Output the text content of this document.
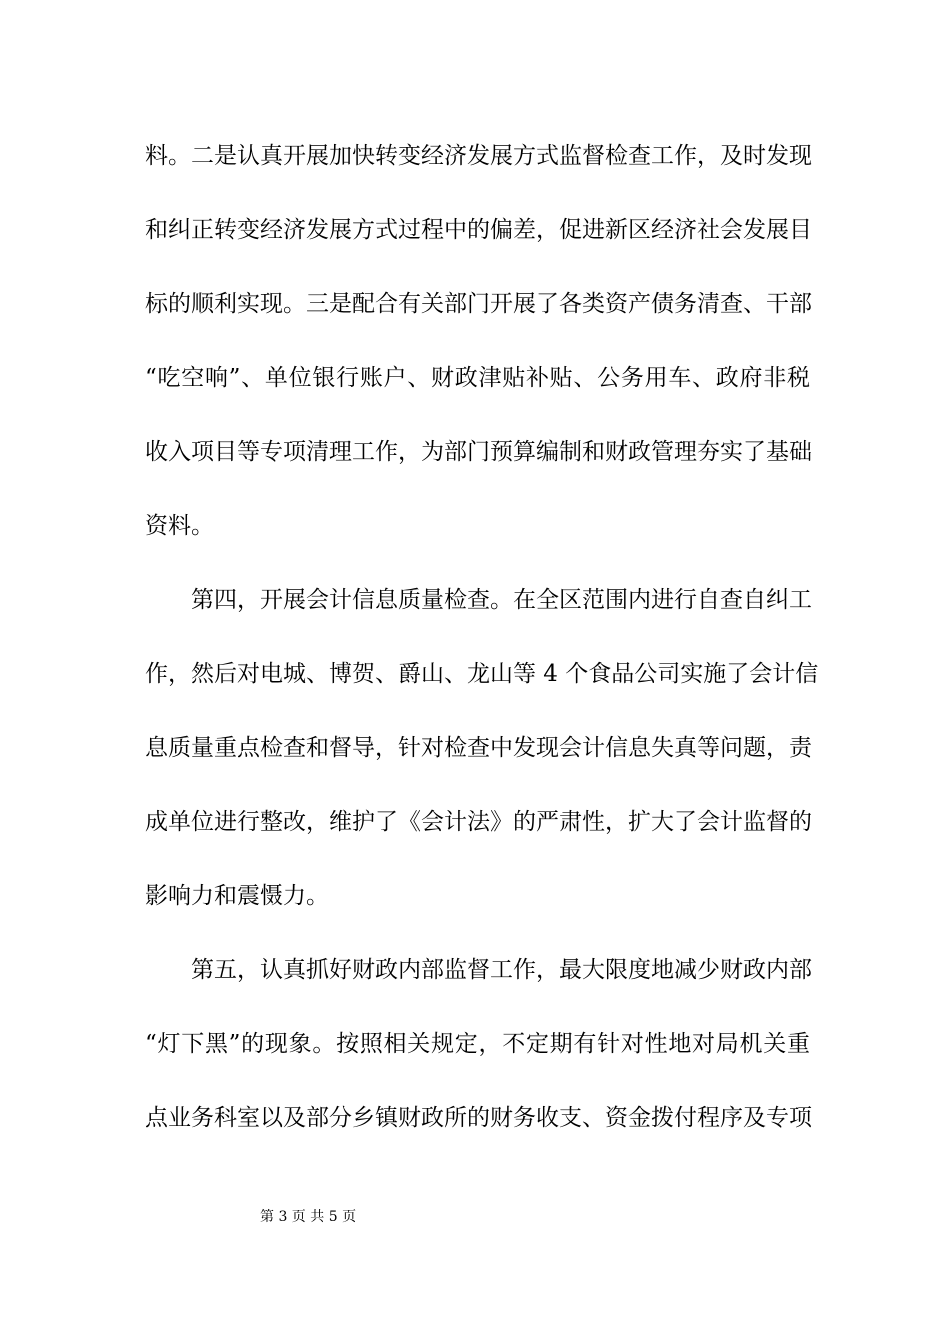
料。二是认真开展加快转变经济发展方式监督检查工作，及时发现
和纠正转变经济发展方式过程中的偏差，促进新区经济社会发展目
标的顺利实现。三是配合有关部门开展了各类资产债务清查、干部
“吃空响”、单位银行账户、财政津贴补贴、公务用车、政府非税
收入项目等专项清理工作，为部门预算编制和财政管理夯实了基础
资料。
第四，开展会计信息质量检查。在全区范围内进行自查自纠工
作，然后对电城、博贺、爵山、龙山等 4 个食品公司实施了会计信
息质量重点检查和督导，针对检查中发现会计信息失真等问题，责
成单位进行整改，维护了《会计法》的严肃性，扩大了会计监督的
影响力和震慑力。
第五，认真抓好财政内部监督工作，最大限度地减少财政内部
“灯下黑”的现象。按照相关规定，不定期有针对性地对局机关重
点业务科室以及部分乡镇财政所的财务收支、资金拨付程序及专项
第 3 页 共 5 页
